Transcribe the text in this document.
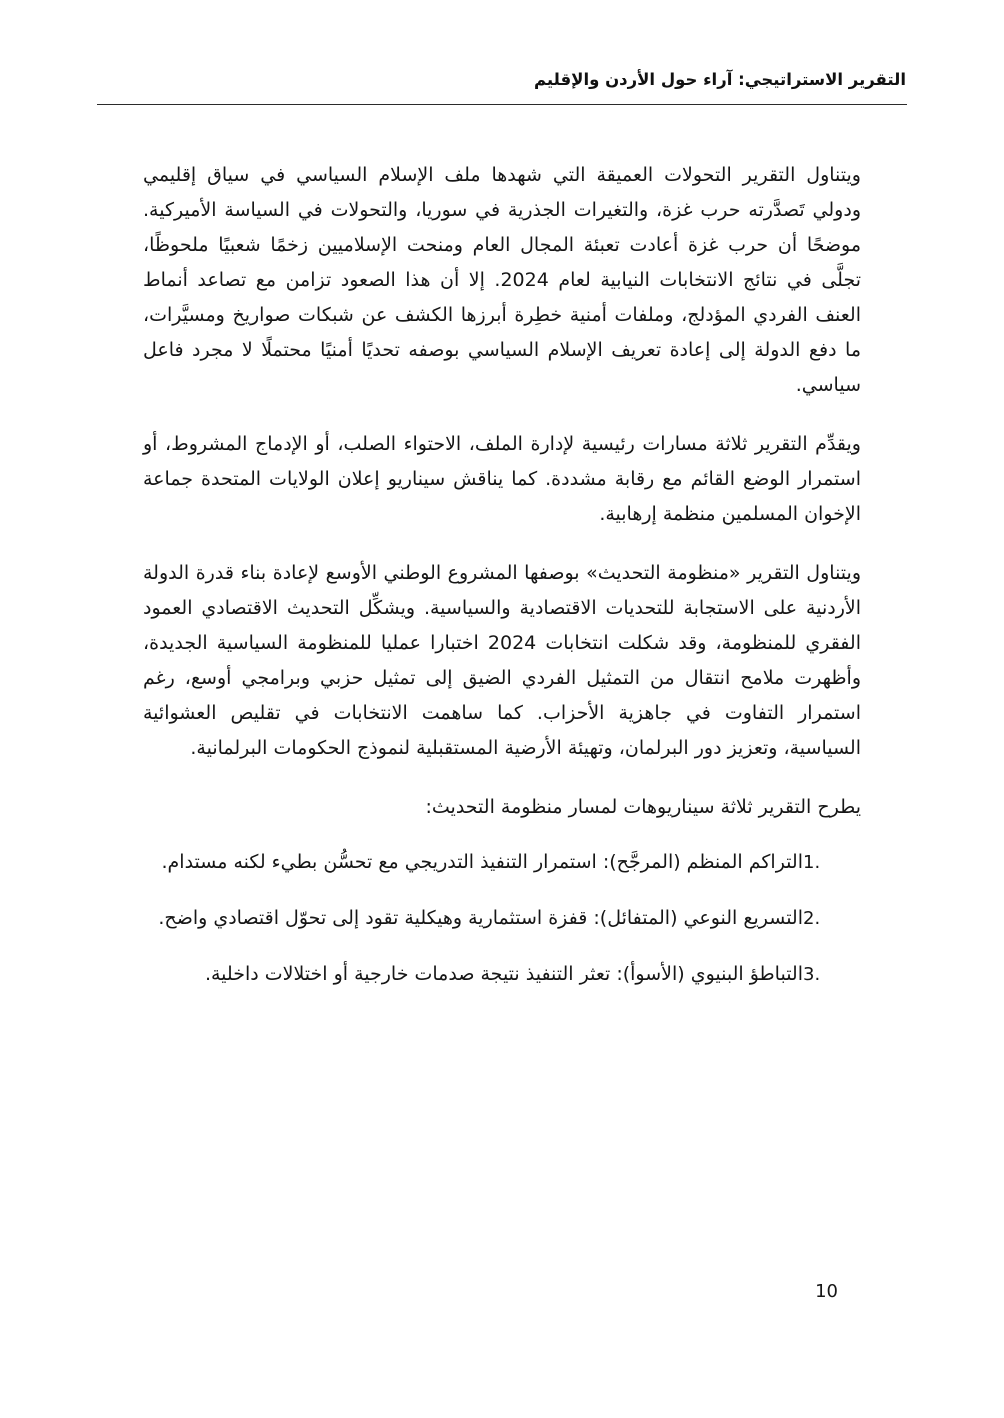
التقرير الاستراتيجي: آراء حول الأردن والإقليم

ويتناول التقرير التحولات العميقة التي شهدها ملف الإسلام السياسي في سياق إقليمي ودولي تَصدَّرته حرب غزة، والتغيرات الجذرية في سوريا، والتحولات في السياسة الأميركية. موضحًا أن حرب غزة أعادت تعبئة المجال العام ومنحت الإسلاميين زخمًا شعبيًا ملحوظًا، تجلَّى في نتائج الانتخابات النيابية لعام 2024. إلا أن هذا الصعود تزامن مع تصاعد أنماط العنف الفردي المؤدلج، وملفات أمنية خطِرة أبرزها الكشف عن شبكات صواريخ ومسيَّرات، ما دفع الدولة إلى إعادة تعريف الإسلام السياسي بوصفه تحديًا أمنيًا محتملًا لا مجرد فاعل سياسي.

ويقدِّم التقرير ثلاثة مسارات رئيسية لإدارة الملف، الاحتواء الصلب، أو الإدماج المشروط، أو استمرار الوضع القائم مع رقابة مشددة. كما يناقش سيناريو إعلان الولايات المتحدة جماعة الإخوان المسلمين منظمة إرهابية.

ويتناول التقرير «منظومة التحديث» بوصفها المشروع الوطني الأوسع لإعادة بناء قدرة الدولة الأردنية على الاستجابة للتحديات الاقتصادية والسياسية. ويشكِّل التحديث الاقتصادي العمود الفقري للمنظومة، وقد شكلت انتخابات 2024 اختبارا عمليا للمنظومة السياسية الجديدة، وأظهرت ملامح انتقال من التمثيل الفردي الضيق إلى تمثيل حزبي وبرامجي أوسع، رغم استمرار التفاوت في جاهزية الأحزاب. كما ساهمت الانتخابات في تقليص العشوائية السياسية، وتعزيز دور البرلمان، وتهيئة الأرضية المستقبلية لنموذج الحكومات البرلمانية.

يطرح التقرير ثلاثة سيناريوهات لمسار منظومة التحديث:

1.
التراكم المنظم (المرجَّح): استمرار التنفيذ التدريجي مع تحسُّن بطيء لكنه مستدام.
2.
التسريع النوعي (المتفائل): قفزة استثمارية وهيكلية تقود إلى تحوّل اقتصادي واضح.
3.
التباطؤ البنيوي (الأسوأ): تعثر التنفيذ نتيجة صدمات خارجية أو اختلالات داخلية.
10
